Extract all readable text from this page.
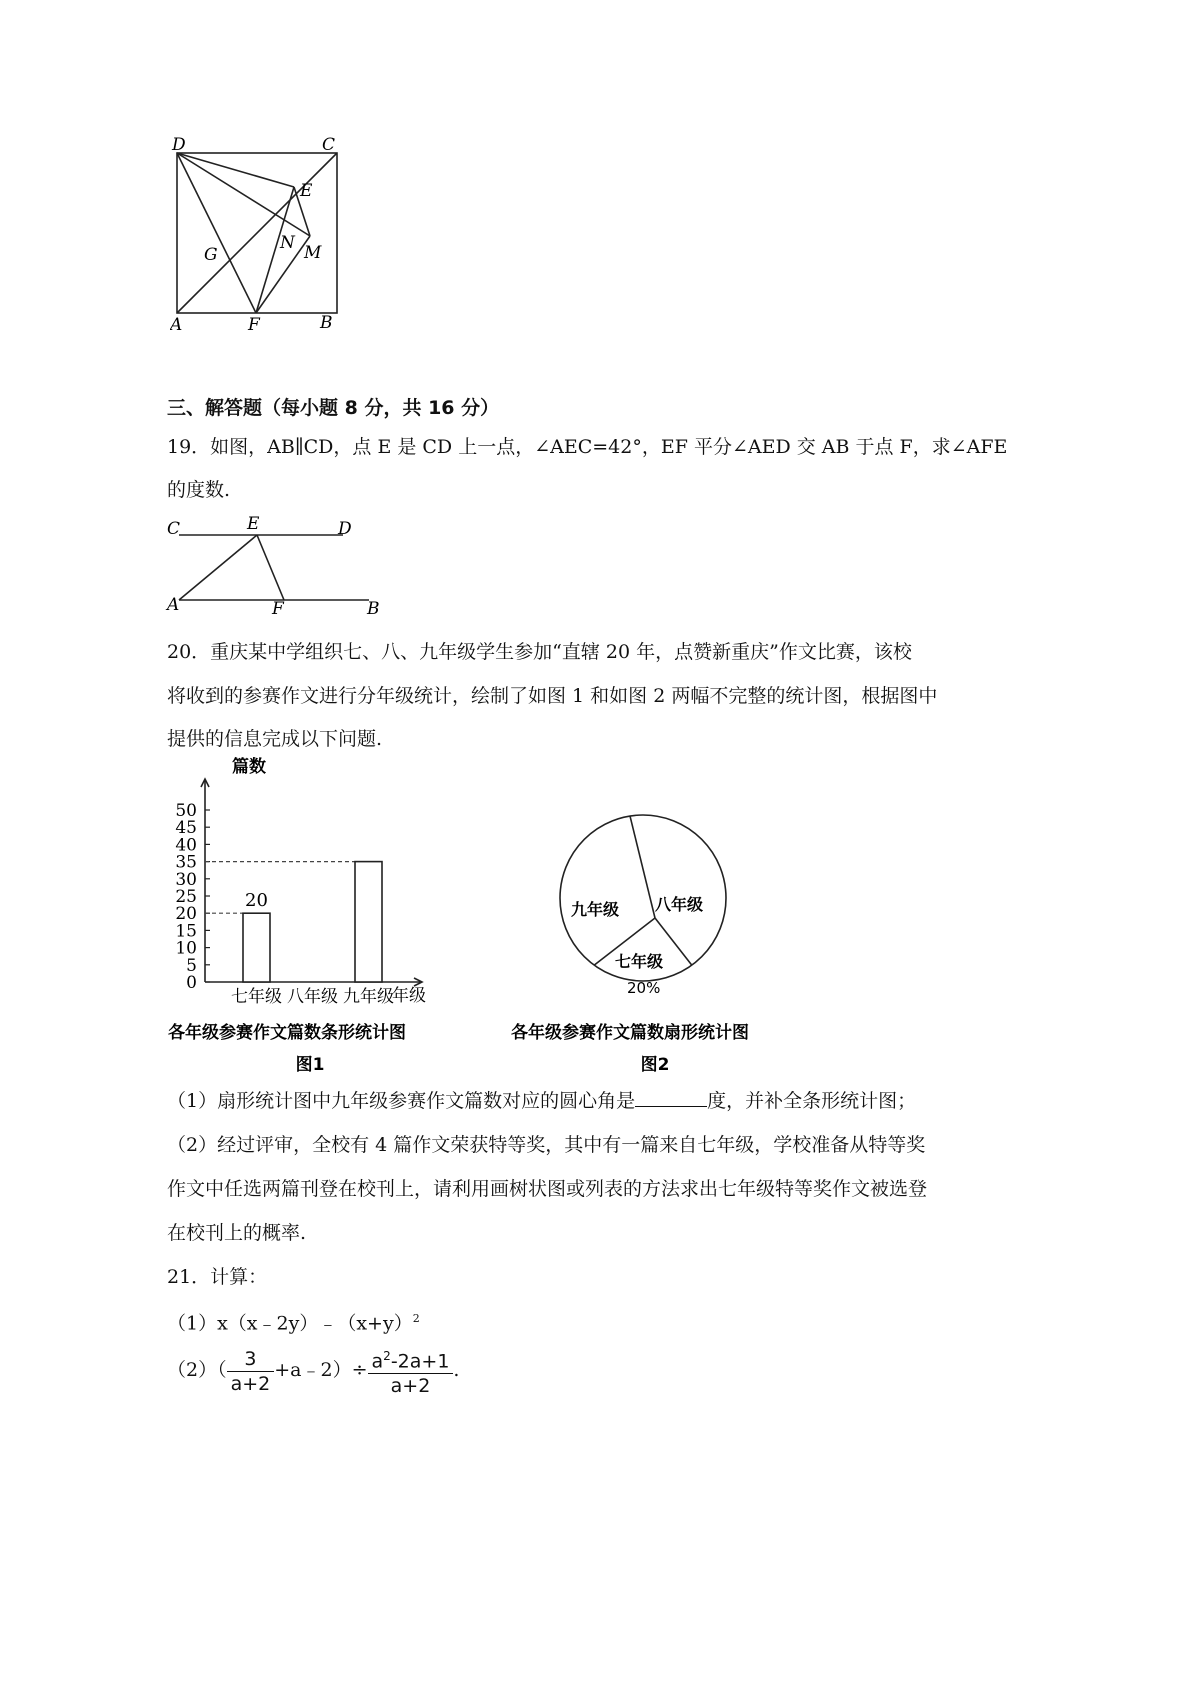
D	C
E
N
G	M
A	F	B
三、解答题（每小题 8 分，共 16 分）
19．如图，AB∥CD，点 E 是 CD 上一点，∠AEC=42°，EF 平分∠AED 交 AB 于点 F，求∠AFE
的度数.
C	E	D
A	F	B
20．重庆某中学组织七、八、九年级学生参加“直辖 20 年，点赞新重庆”作文比赛，该校
将收到的参赛作文进行分年级统计，绘制了如图 1 和如图 2 两幅不完整的统计图，根据图中
提供的信息完成以下问题.
0
5
10
15
20
25
30
35
40
45
50
20
七年级 八年级 九年级
篇数
年级
各年级参赛作文篇数条形统计图
图1
九年级 八年级
七年级
20%
各年级参赛作文篇数扇形统计图
图2
（1）扇形统计图中九年级参赛作文篇数对应的圆心角是	度，并补全条形统计图；
（2）经过评审，全校有 4 篇作文荣获特等奖，其中有一篇来自七年级，学校准备从特等奖
作文中任选两篇刊登在校刊上，请利用画树状图或列表的方法求出七年级特等奖作文被选登
在校刊上的概率.
21．计算：
$(1)x(x﹣2y)﹣(x+y)^2$
$(2)( \frac{3}{a+2}$ +a﹣2）÷ $\frac{a^2-2a+1}{a+2}$ .
